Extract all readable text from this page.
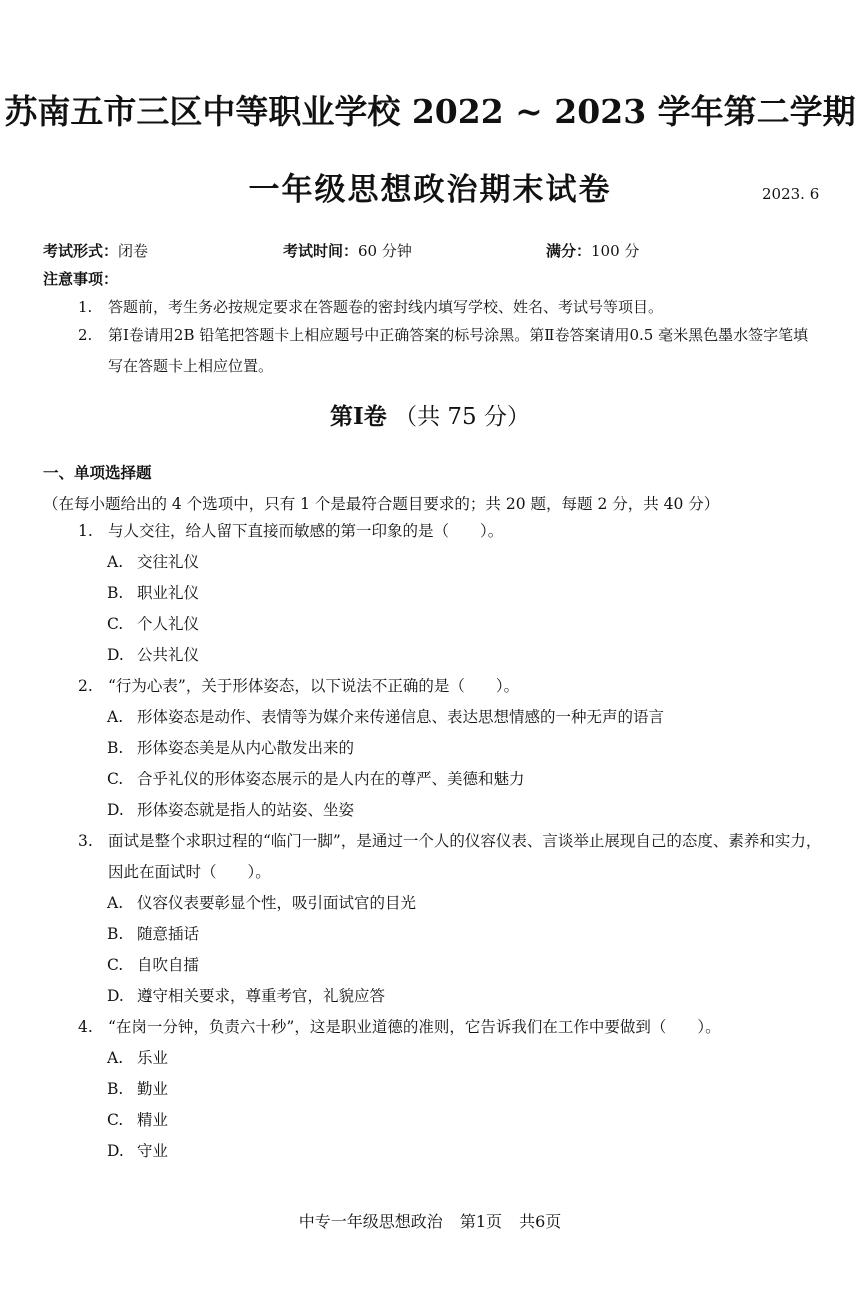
苏南五市三区中等职业学校 2022 ~ 2023 学年第二学期
一年级思想政治期末试卷	2023. 6
考试形式：闭卷	考试时间：60 分钟	满分：100 分
注意事项：
1. 答题前，考生务必按规定要求在答题卷的密封线内填写学校、姓名、考试号等项目。
2. 第Ⅰ卷请用2B 铅笔把答题卡上相应题号中正确答案的标号涂黑。第Ⅱ卷答案请用0.5 毫米黑色墨水签字笔填写在答题卡上相应位置。
第Ⅰ卷 （共 75 分）
一、单项选择题（在每小题给出的 4 个选项中，只有 1 个是最符合题目要求的；共 20 题，每题 2 分，共 40 分）
1. 与人交往，给人留下直接而敏感的第一印象的是（　　）。
A. 交往礼仪
B. 职业礼仪
C. 个人礼仪
D. 公共礼仪
2. “行为心表”，关于形体姿态，以下说法不正确的是（　　）。
A. 形体姿态是动作、表情等为媒介来传递信息、表达思想情感的一种无声的语言
B. 形体姿态美是从内心散发出来的
C. 合乎礼仪的形体姿态展示的是人内在的尊严、美德和魅力
D. 形体姿态就是指人的站姿、坐姿
3. 面试是整个求职过程的“临门一脚”，是通过一个人的仪容仪表、言谈举止展现自己的态度、素养和实力，因此在面试时（　　）。
A. 仪容仪表要彰显个性，吸引面试官的目光
B. 随意插话
C. 自吹自擂
D. 遵守相关要求，尊重考官，礼貌应答
4. “在岗一分钟，负责六十秒”，这是职业道德的准则，它告诉我们在工作中要做到（　　）。
A. 乐业
B. 勤业
C. 精业
D. 守业
中专一年级思想政治 第1页 共6页
